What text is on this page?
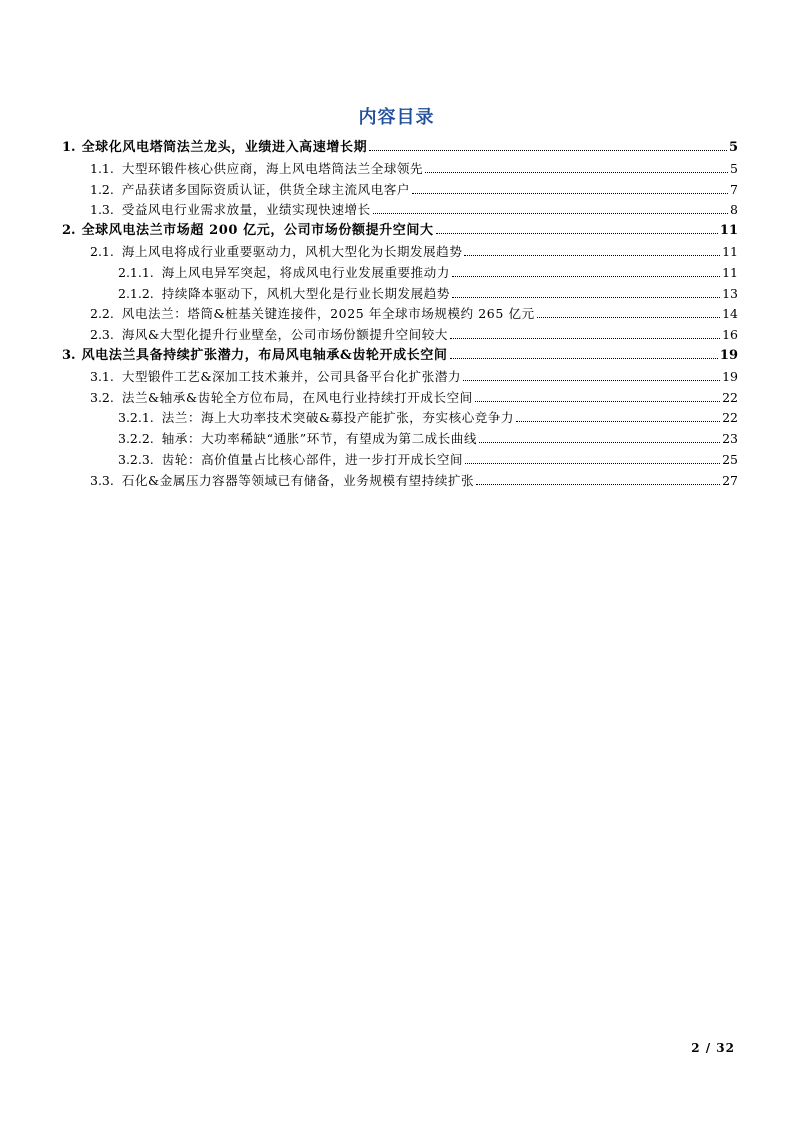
内容目录
1. 全球化风电塔筒法兰龙头，业绩进入高速增长期	5
1.1. 大型环锻件核心供应商，海上风电塔筒法兰全球领先	5
1.2. 产品获诸多国际资质认证，供货全球主流风电客户	7
1.3. 受益风电行业需求放量，业绩实现快速增长	8
2. 全球风电法兰市场超 200 亿元，公司市场份额提升空间大	11
2.1. 海上风电将成行业重要驱动力，风机大型化为长期发展趋势	11
2.1.1. 海上风电异军突起，将成风电行业发展重要推动力	11
2.1.2. 持续降本驱动下，风机大型化是行业长期发展趋势	13
2.2. 风电法兰：塔筒&桩基关键连接件，2025 年全球市场规模约 265 亿元	14
2.3. 海风&大型化提升行业壁垒，公司市场份额提升空间较大	16
3. 风电法兰具备持续扩张潜力，布局风电轴承&齿轮开成长空间	19
3.1. 大型锻件工艺&深加工技术兼并，公司具备平台化扩张潜力	19
3.2. 法兰&轴承&齿轮全方位布局，在风电行业持续打开成长空间	22
3.2.1. 法兰：海上大功率技术突破&募投产能扩张，夯实核心竞争力	22
3.2.2. 轴承：大功率稀缺“通胀”环节，有望成为第二成长曲线	23
3.2.3. 齿轮：高价值量占比核心部件，进一步打开成长空间	25
3.3. 石化&金属压力容器等领域已有储备，业务规模有望持续扩张	27
2 / 32
